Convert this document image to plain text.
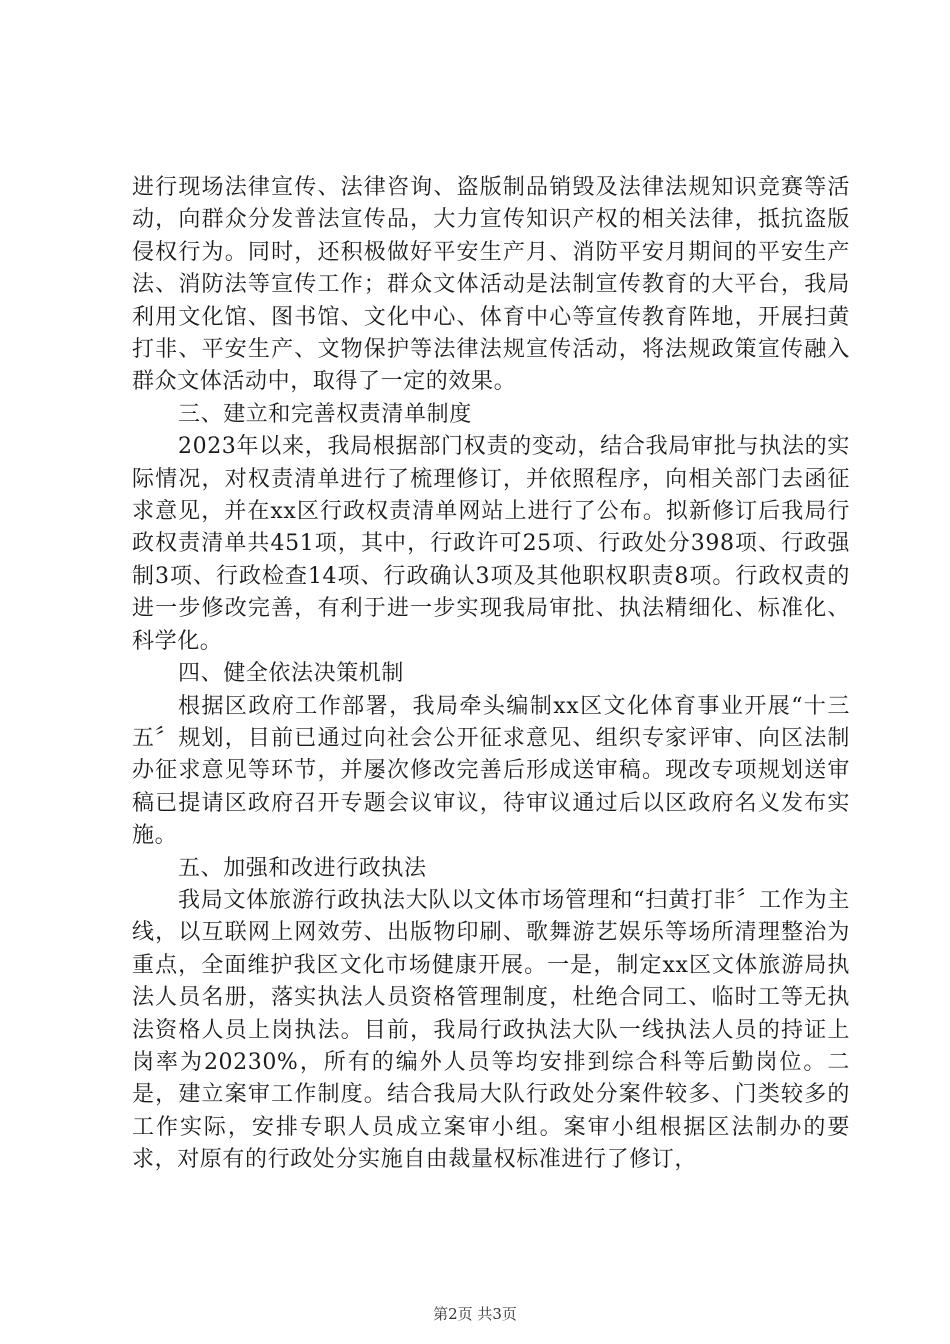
进行现场法律宣传、法律咨询、盗版制品销毁及法律法规知识竞赛等活动，向群众分发普法宣传品，大力宣传知识产权的相关法律，抵抗盗版侵权行为。同时，还积极做好平安生产月、消防平安月期间的平安生产法、消防法等宣传工作；群众文体活动是法制宣传教育的大平台，我局利用文化馆、图书馆、文化中心、体育中心等宣传教育阵地，开展扫黄打非、平安生产、文物保护等法律法规宣传活动，将法规政策宣传融入群众文体活动中，取得了一定的效果。

三、建立和完善权责清单制度

2023年以来，我局根据部门权责的变动，结合我局审批与执法的实际情况，对权责清单进行了梳理修订，并依照程序，向相关部门去函征求意见，并在xx区行政权责清单网站上进行了公布。拟新修订后我局行政权责清单共451项，其中，行政许可25项、行政处分398项、行政强制3项、行政检查14项、行政确认3项及其他职权职责8项。行政权责的进一步修改完善，有利于进一步实现我局审批、执法精细化、标准化、科学化。

四、健全依法决策机制

根据区政府工作部署，我局牵头编制xx区文化体育事业开展“十三五〞规划，目前已通过向社会公开征求意见、组织专家评审、向区法制办征求意见等环节，并屡次修改完善后形成送审稿。现改专项规划送审稿已提请区政府召开专题会议审议，待审议通过后以区政府名义发布实施。

五、加强和改进行政执法

我局文体旅游行政执法大队以文体市场管理和“扫黄打非〞工作为主线，以互联网上网效劳、出版物印刷、歌舞游艺娱乐等场所清理整治为重点，全面维护我区文化市场健康开展。一是，制定xx区文体旅游局执法人员名册，落实执法人员资格管理制度，杜绝合同工、临时工等无执法资格人员上岗执法。目前，我局行政执法大队一线执法人员的持证上岗率为20230%，所有的编外人员等均安排到综合科等后勤岗位。二是，建立案审工作制度。结合我局大队行政处分案件较多、门类较多的工作实际，安排专职人员成立案审小组。案审小组根据区法制办的要求，对原有的行政处分实施自由裁量权标准进行了修订，

第2页 共3页
